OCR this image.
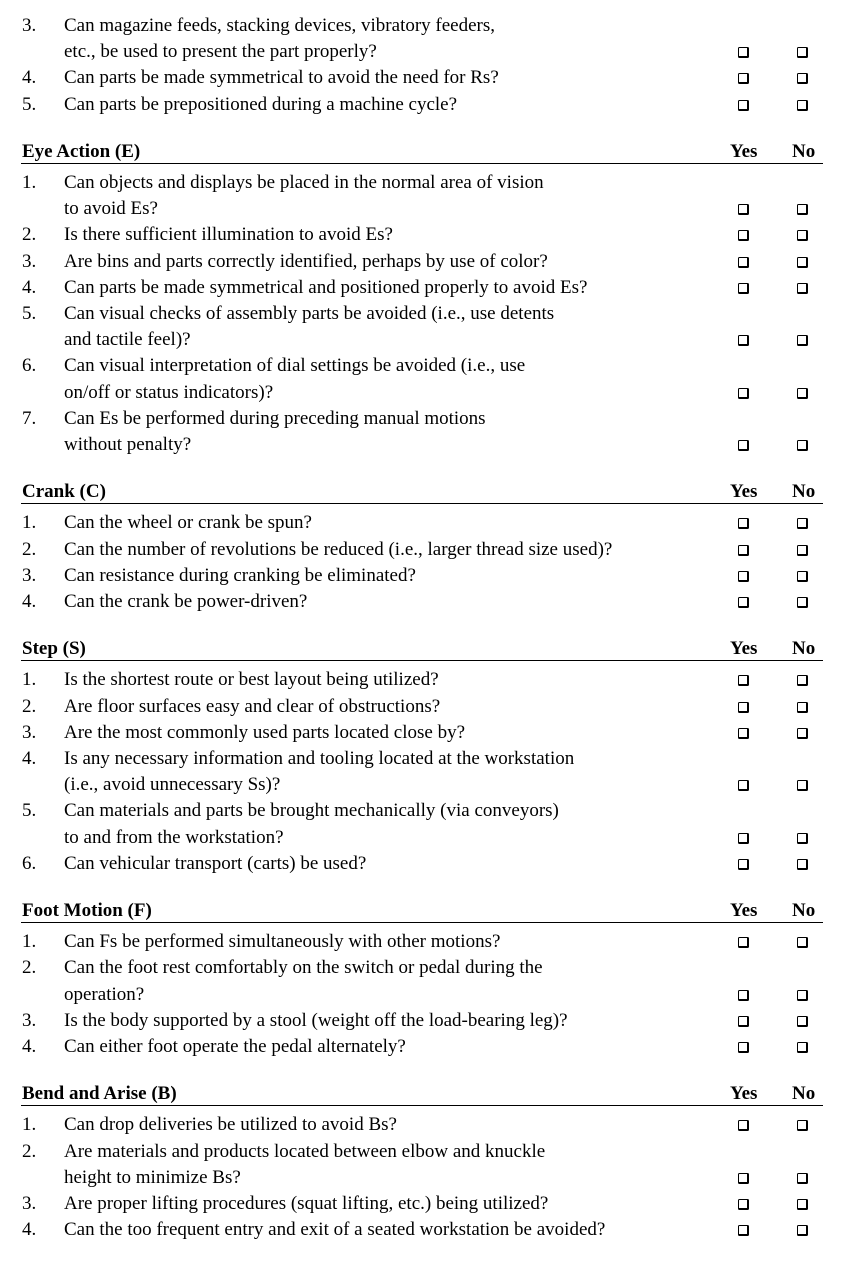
3. Can magazine feeds, stacking devices, vibratory feeders,
etc., be used to present the part properly?
4. Can parts be made symmetrical to avoid the need for Rs?
5. Can parts be prepositioned during a machine cycle?
Eye Action (E)	Yes No
1. Can objects and displays be placed in the normal area of vision
to avoid Es?
2. Is there sufficient illumination to avoid Es?
3. Are bins and parts correctly identified, perhaps by use of color?
4. Can parts be made symmetrical and positioned properly to avoid Es?
5. Can visual checks of assembly parts be avoided (i.e., use detents
and tactile feel)?
6. Can visual interpretation of dial settings be avoided (i.e., use
on/off or status indicators)?
7. Can Es be performed during preceding manual motions
without penalty?
Crank (C)	Yes No
1. Can the wheel or crank be spun?
2. Can the number of revolutions be reduced (i.e., larger thread size used)?
3. Can resistance during cranking be eliminated?
4. Can the crank be power-driven?
Step (S)	Yes No
1. Is the shortest route or best layout being utilized?
2. Are floor surfaces easy and clear of obstructions?
3. Are the most commonly used parts located close by?
4. Is any necessary information and tooling located at the workstation
(i.e., avoid unnecessary Ss)?
5. Can materials and parts be brought mechanically (via conveyors)
to and from the workstation?
6. Can vehicular transport (carts) be used?
Foot Motion (F)	Yes No
1. Can Fs be performed simultaneously with other motions?
2. Can the foot rest comfortably on the switch or pedal during the
operation?
3. Is the body supported by a stool (weight off the load-bearing leg)?
4. Can either foot operate the pedal alternately?
Bend and Arise (B)	Yes No
1. Can drop deliveries be utilized to avoid Bs?
2. Are materials and products located between elbow and knuckle
height to minimize Bs?
3. Are proper lifting procedures (squat lifting, etc.) being utilized?
4. Can the too frequent entry and exit of a seated workstation be avoided?
